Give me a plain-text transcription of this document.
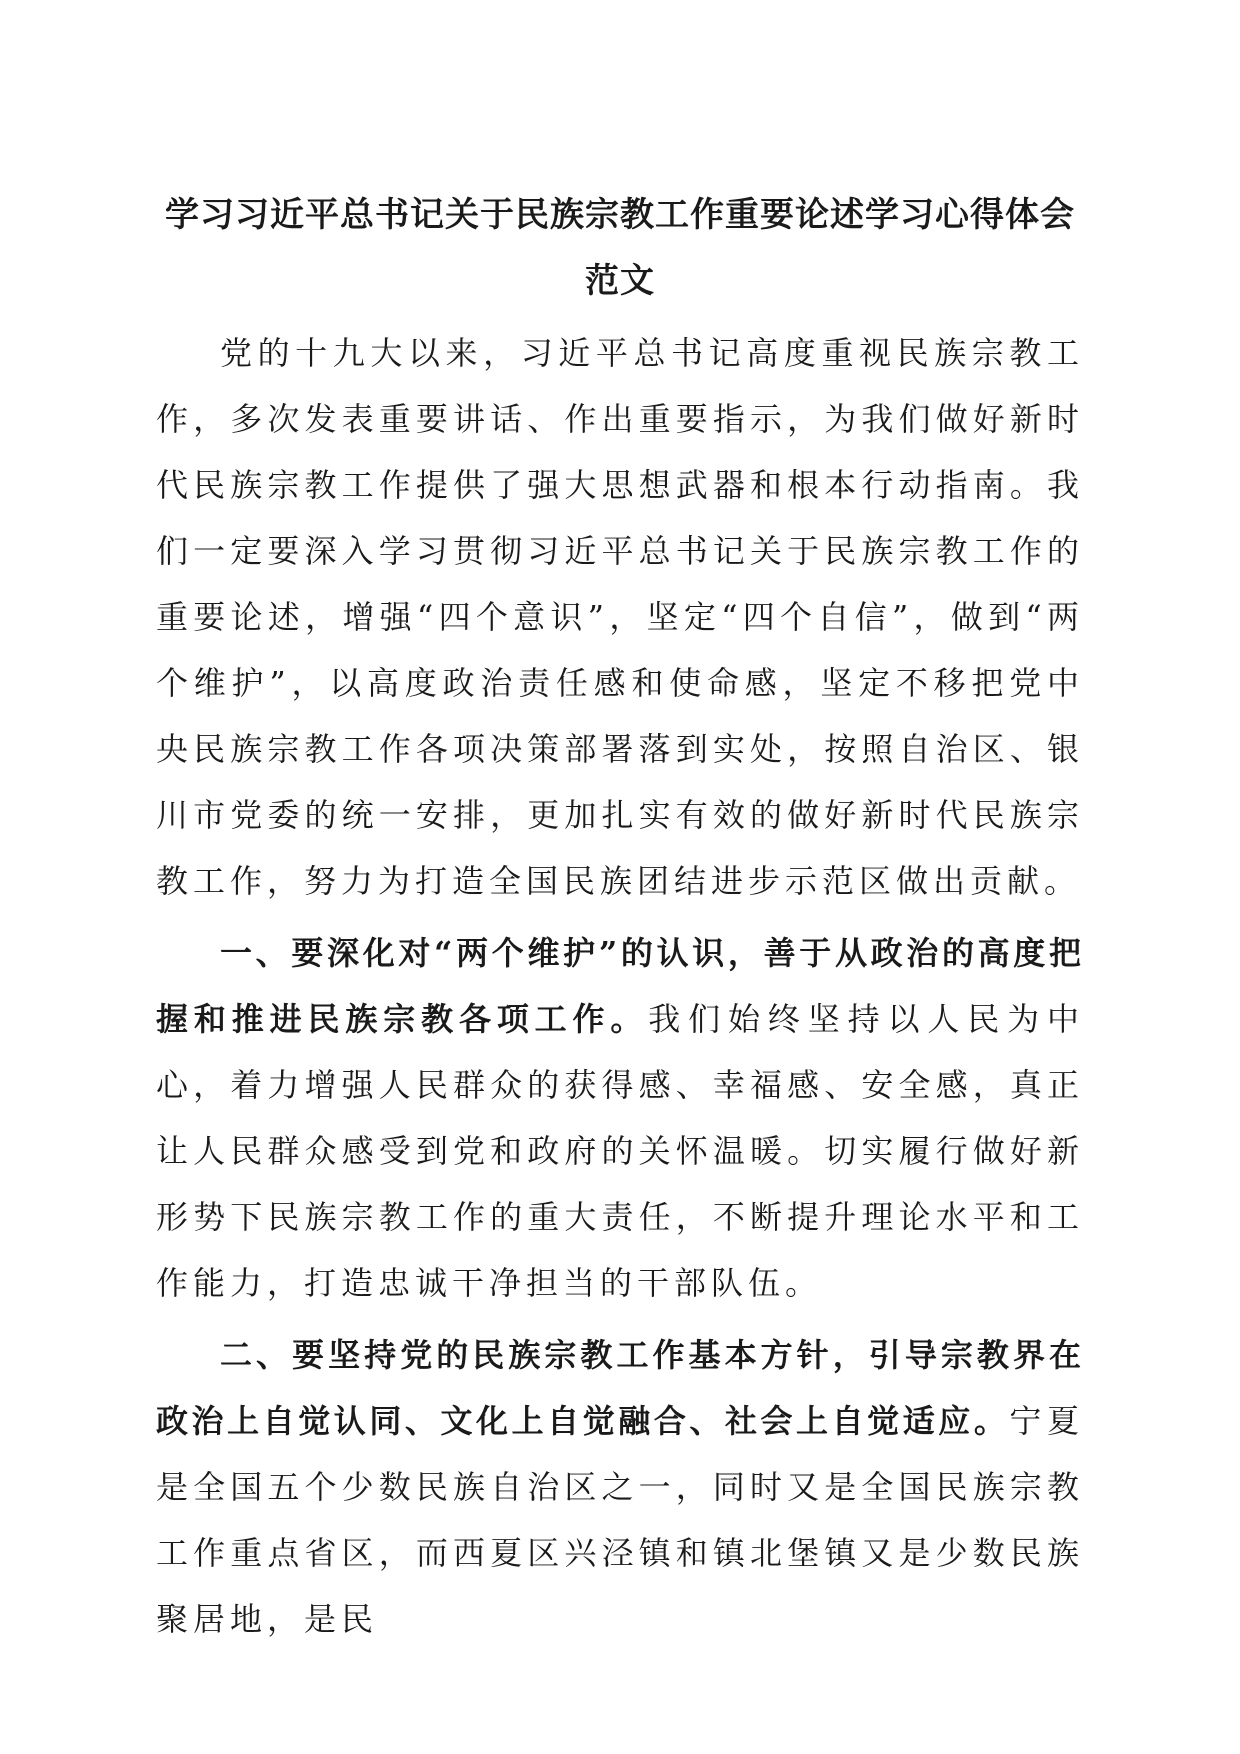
学习习近平总书记关于民族宗教工作重要论述学习心得体会范文

党的十九大以来，习近平总书记高度重视民族宗教工作，多次发表重要讲话、作出重要指示，为我们做好新时代民族宗教工作提供了强大思想武器和根本行动指南。我们一定要深入学习贯彻习近平总书记关于民族宗教工作的重要论述，增强“四个意识”，坚定“四个自信”，做到“两个维护”，以高度政治责任感和使命感，坚定不移把党中央民族宗教工作各项决策部署落到实处，按照自治区、银川市党委的统一安排，更加扎实有效的做好新时代民族宗教工作，努力为打造全国民族团结进步示范区做出贡献。

一、要深化对“两个维护”的认识，善于从政治的高度把握和推进民族宗教各项工作。我们始终坚持以人民为中心，着力增强人民群众的获得感、幸福感、安全感，真正让人民群众感受到党和政府的关怀温暖。切实履行做好新形势下民族宗教工作的重大责任，不断提升理论水平和工作能力，打造忠诚干净担当的干部队伍。

二、要坚持党的民族宗教工作基本方针，引导宗教界在政治上自觉认同、文化上自觉融合、社会上自觉适应。宁夏是全国五个少数民族自治区之一，同时又是全国民族宗教工作重点省区，而西夏区兴泾镇和镇北堡镇又是少数民族聚居地，是民
